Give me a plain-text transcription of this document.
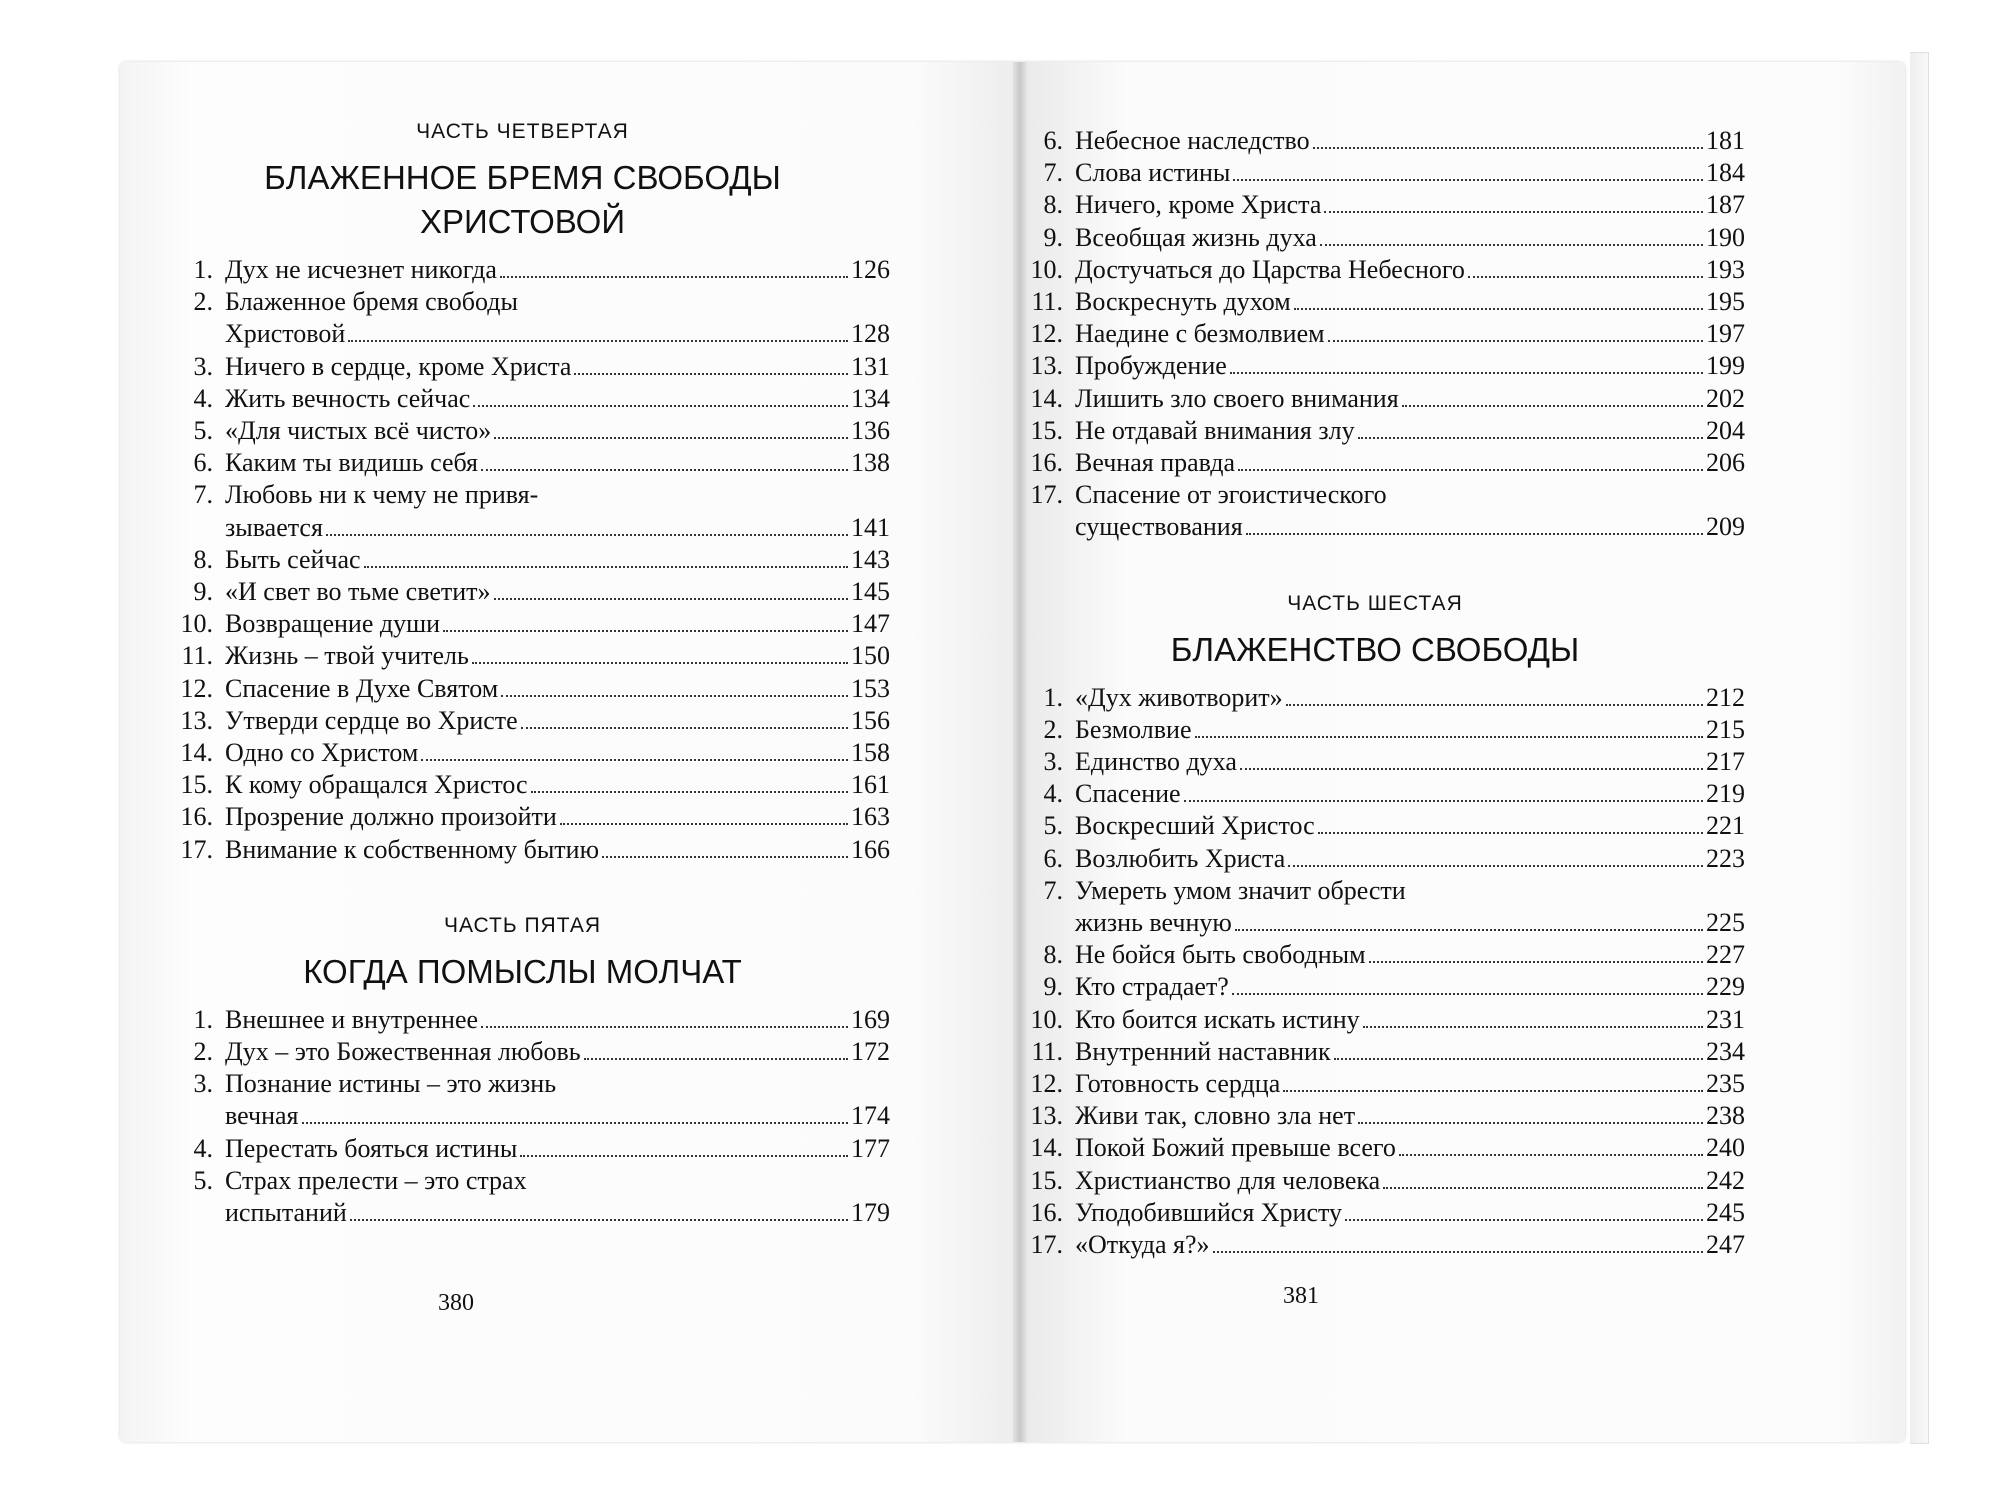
ЧАСТЬ ЧЕТВЕРТАЯ
БЛАЖЕННОЕ БРЕМЯ СВОБОДЫ
ХРИСТОВОЙ
1. Дух не исчезнет никогда	126
2. Блаженное бремя свободы
Христовой	128
3. Ничего в сердце, кроме Христа	131
4. Жить вечность сейчас	134
5. «Для чистых всё чисто»	136
6. Каким ты видишь себя	138
7. Любовь ни к чему не привя-
зывается	141
8. Быть сейчас	143
9. «И свет во тьме светит»	145
10. Возвращение души	147
11. Жизнь – твой учитель	150
12. Спасение в Духе Святом	153
13. Утверди сердце во Христе	156
14. Одно со Христом	158
15. К кому обращался Христос	161
16. Прозрение должно произойти	163
17. Внимание к собственному бытию	166
ЧАСТЬ ПЯТАЯ
КОГДА ПОМЫСЛЫ МОЛЧАТ
1. Внешнее и внутреннее	169
2. Дух – это Божественная любовь	172
3. Познание истины – это жизнь
вечная	174
4. Перестать бояться истины	177
5. Страх прелести – это страх
испытаний	179
6. Небесное наследство	181
7. Слова истины	184
8. Ничего, кроме Христа	187
9. Всеобщая жизнь духа	190
10. Достучаться до Царства Небесного	193
11. Воскреснуть духом	195
12. Наедине с безмолвием	197
13. Пробуждение	199
14. Лишить зло своего внимания	202
15. Не отдавай внимания злу	204
16. Вечная правда	206
17. Спасение от эгоистического
существования	209
ЧАСТЬ ШЕСТАЯ
БЛАЖЕНСТВО СВОБОДЫ
1. «Дух животворит»	212
2. Безмолвие	215
3. Единство духа	217
4. Спасение	219
5. Воскресший Христос	221
6. Возлюбить Христа	223
7. Умереть умом значит обрести
жизнь вечную	225
8. Не бойся быть свободным	227
9. Кто страдает?	229
10. Кто боится искать истину	231
11. Внутренний наставник	234
12. Готовность сердца	235
13. Живи так, словно зла нет	238
14. Покой Божий превыше всего	240
15. Христианство для человека	242
16. Уподобившийся Христу	245
17. «Откуда я?»	247
380	381
